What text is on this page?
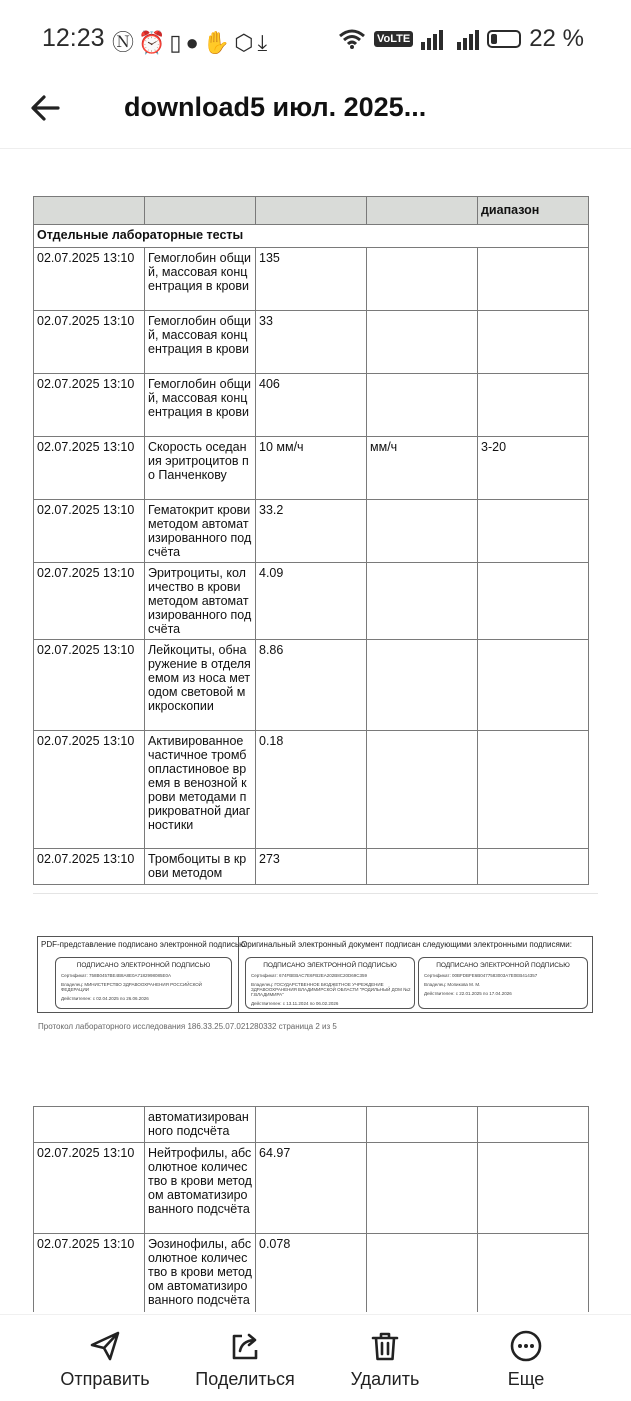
12:23 Ⓝ⏰▯●✋⬡⤓	VoLTE	22 %
download5 июл. 2025...
				диапазон
Отдельные лабораторные тесты				
02.07.2025 13:10	Гемоглобин общий, массовая концентрация в крови	135		
02.07.2025 13:10	Гемоглобин общий, массовая концентрация в крови	33		
02.07.2025 13:10	Гемоглобин общий, массовая концентрация в крови	406		
02.07.2025 13:10	Скорость оседания эритроцитов по Панченкову	10 мм/ч	мм/ч	3-20
02.07.2025 13:10	Гематокрит крови методом автоматизированного подсчёта	33.2		
02.07.2025 13:10	Эритроциты, количество в крови методом автоматизированного подсчёта	4.09		
02.07.2025 13:10	Лейкоциты, обнаружение в отделяемом из носа методом световой микроскопии	8.86		
02.07.2025 13:10	Активированное частичное тромбопластиновое время в венозной крови методами прикроватной диагностики	0.18		
02.07.2025 13:10	Тромбоциты в крови методом	273		
PDF-представление подписано электронной подписью:
ПОДПИСАНО ЭЛЕКТРОННОЙ ПОДПИСЬЮ
Сертификат: 758B0457BE4B8A8E0A7182998085E0A
Владелец: МИНИСТЕРСТВО ЗДРАВООХРАНЕНИЯ РОССИЙСКОЙ ФЕДЕРАЦИИ
Действителен: с 02.04.2025 по 26.06.2026
Оригинальный электронный документ подписан следующими электронными подписями:
ПОДПИСАНО ЭЛЕКТРОННОЙ ПОДПИСЬЮ
Сертификат: 674FBEBAC7E6FB2EA202B8C20D69C359
Владелец: ГОСУДАРСТВЕННОЕ БЮДЖЕТНОЕ УЧРЕЖДЕНИЕ ЗДРАВООХРАНЕНИЯ ВЛАДИМИРСКОЙ ОБЛАСТИ "РОДИЛЬНЫЙ ДОМ №2 Г.ВЛАДИМИРА"
Действителен: с 13.11.2024 по 06.02.2026
ПОДПИСАНО ЭЛЕКТРОННОЙ ПОДПИСЬЮ
Сертификат: 00BFDBFE6B0477583003A7E0EB414357
Владелец: Мопикова М. М.
Действителен: с 22.01.2025 по 17.04.2026
Протокол лабораторного исследования 186.33.25.07.021280332 страница 2 из 5
	автоматизированного подсчёта			
02.07.2025 13:10	Нейтрофилы, абсолютное количество в крови методом автоматизированного подсчёта	64.97		
02.07.2025 13:10	Эозинофилы, абсолютное количество в крови методом автоматизированного подсчёта	0.078		
Отправить	Поделиться	Удалить	Еще
